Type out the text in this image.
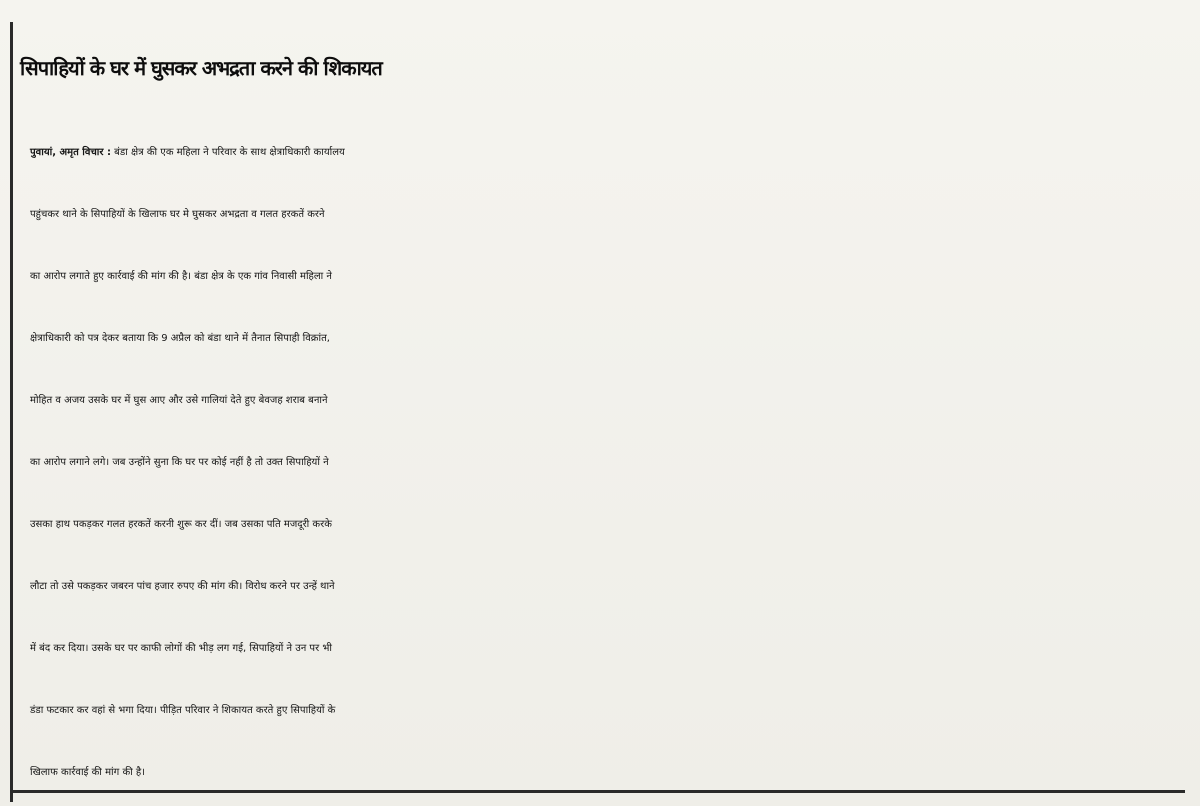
सिपाहियों के घर में घुसकर अभद्रता करने की शिकायत
पुवायां, अमृत विचार : बंडा क्षेत्र की एक महिला ने परिवार के साथ क्षेत्राधिकारी कार्यालय
पहुंचकर थाने के सिपाहियों के खिलाफ घर मे घुसकर अभद्रता व गलत हरकतें करने
का आरोप लगाते हुए कार्रवाई की मांग की है। बंडा क्षेत्र के एक गांव निवासी महिला ने
क्षेत्राधिकारी को पत्र देकर बताया कि 9 अप्रैल को बंडा थाने में तैनात सिपाही विक्रांत,
मोहित व अजय उसके घर में घुस आए और उसे गालियां देते हुए बेवजह शराब बनाने
का आरोप लगाने लगे। जब उन्होंने सुना कि घर पर कोई नहीं है तो उक्त सिपाहियों ने
उसका हाथ पकड़कर गलत हरकतें करनी शुरू कर दीं। जब उसका पति मजदूरी करके
लौटा तो उसे पकड़कर जबरन पांच हजार रुपए की मांग की। विरोध करने पर उन्हें थाने
में बंद कर दिया। उसके घर पर काफी लोगों की भीड़ लग गई, सिपाहियों ने उन पर भी
डंडा फटकार कर वहां से भगा दिया। पीड़ित परिवार ने शिकायत करते हुए सिपाहियों के
खिलाफ कार्रवाई की मांग की है।
